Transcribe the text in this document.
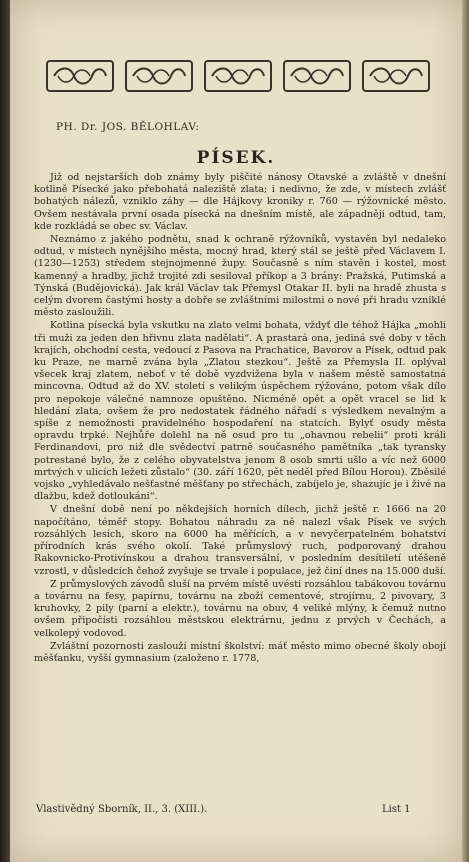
PH. Dr. JOS. BĚLOHLAV:
PÍSEK.

Již od nejstarších dob známy byly piščité nánosy Otavské a zvláště v dnešní kotlině Písecké jako přebohatá naleziště zlata; i nedivno, že zde, v místech zvlášť bohatých nálezů, vzniklo záhy — dle Hájkovy kroniky r. 760 — rýžovnické město. Ovšem nestávala první osada písecká na dnešním místě, ale západněji odtud, tam, kde rozkládá se obec sv. Václav.

Neznámo z jakého podnětu, snad k ochraně rýžovníků, vystavěn byl nedaleko odtud, v místech nynějšího města, mocný hrad, který stál se ještě před Václavem I. (1230—1253) středem stejnojmenné župy. Současně s ním stavěn i kostel, most kamenný a hradby, jichž trojité zdi sesiloval příkop a 3 brány: Pražská, Putimská a Týnská (Budějovická). Jak král Václav tak Přemysl Otakar II. byli na hradě zhusta s celým dvorem častými hosty a dobře se zvláštními milostmi o nové při hradu vzniklé město zasloužili.

Kotlina písecká byla vskutku na zlato velmi bohata, vždyť dle téhož Hájka „mohli tři muži za jeden den hřivnu zlata nadělati“. A prastará ona, jediná své doby v těch krajích, obchodní cesta, vedoucí z Pasova na Prachatice, Bavorov a Písek, odtud pak ku Praze, ne marně zvána byla „Zlatou stezkou“. Ještě za Přemysla II. oplýval všecek kraj zlatem, neboť v té době vyzdvižena byla v našem městě samostatná mincovna. Odtud až do XV. století s velikým úspěchem rýžováno, potom však dílo pro nepokoje válečné namnoze opuštěno. Nicméně opět a opět vracel se lid k hledání zlata, ovšem že pro nedostatek řádného nářadí s výsledkem nevalným a spíše z nemožnosti pravidelného hospodaření na statcích. Bylyť osudy města opravdu trpké. Nejhůře dolehl na ně osud pro tu „ohavnou rebelii“ proti králi Ferdinandovi, pro niž dle svědectví patrně současného pamětníka „tak tyransky potrestané bylo, že z celého obyvatelstva jenom 8 osob smrti ušlo a víc než 6000 mrtvých v ulicích ležeti zůstalo“ (30. září 1620, pět neděl před Bílou Horou). Zběsilé vojsko „vyhledávalo nešťastné měšťany po střechách, zabíjelo je, shazujíc je i živé na dlažbu, kdež dotloukáni“.

V dnešní době není po někdejších horních dílech, jichž ještě r. 1666 na 20 napočítáno, téměř stopy. Bohatou náhradu za ně nalezl však Písek ve svých rozsáhlých lesích, skoro na 6000 ha měřících, a v nevyčerpatelném bohatství přírodních krás svého okolí. Také průmyslový ruch, podporovaný drahou Rakovnicko-Protivínskou a drahou transversální, v posledním desítiletí utěšeně vzrostl, v důsledcích čehož zvyšuje se trvale i populace, jež činí dnes na 15.000 duší.

Z průmyslových závodů sluší na prvém místě uvésti rozsáhlou tabákovou továrnu a továrnu na fesy, papírnu, továrnu na zboží cementové, strojírnu, 2 pivovary, 3 kruhovky, 2 pily (parní a elektr.), továrnu na obuv, 4 veliké mlýny, k čemuž nutno ovšem připočísti rozsáhlou městskou elektrárnu, jednu z prvých v Čechách, a velkolepý vodovod.

Zvláštní pozornosti zaslouží místní školství: máť město mimo obecné školy obojí měšťanku, vyšší gymnasium (založeno r. 1778,

Vlastivědný Sborník, II., 3. (XIII.).	List 1
